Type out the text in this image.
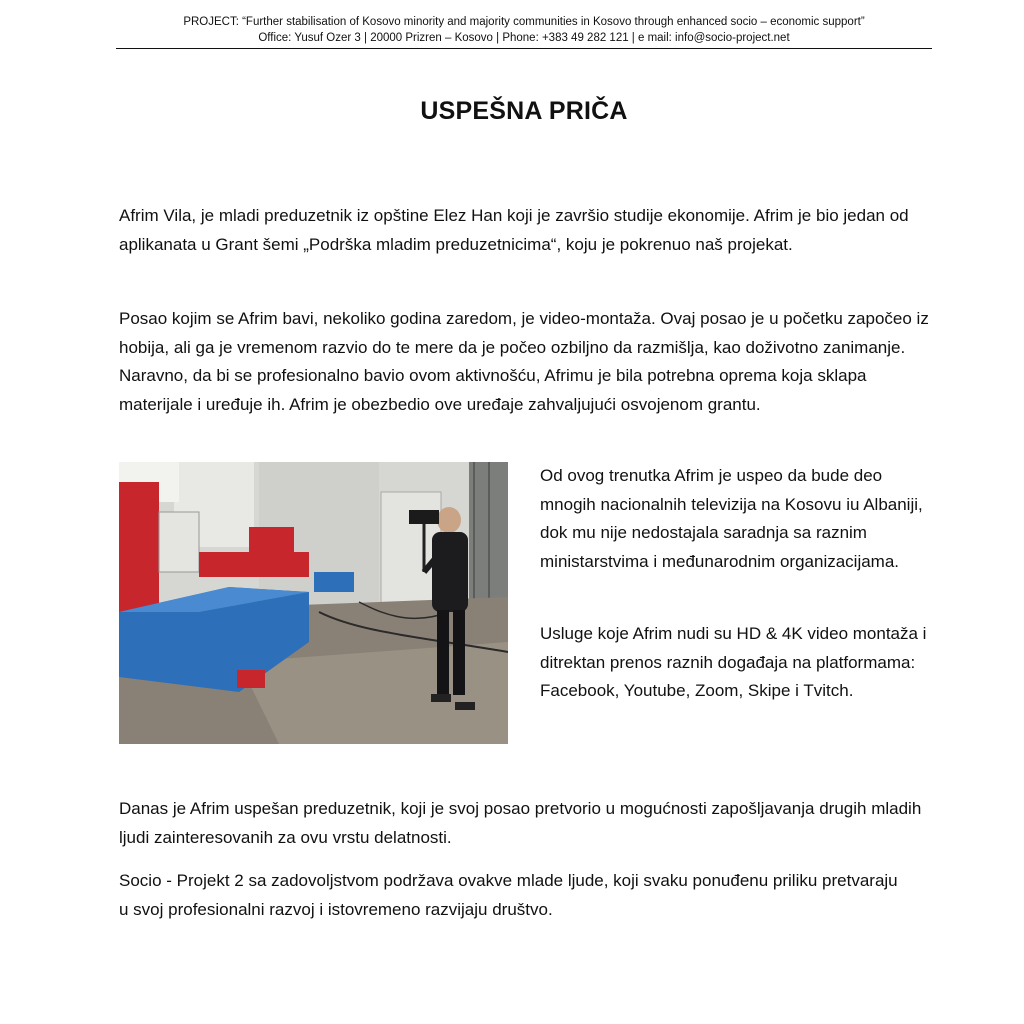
PROJECT: “Further stabilisation of Kosovo minority and majority communities in Kosovo through enhanced socio – economic support”
Office: Yusuf Ozer 3 | 20000 Prizren – Kosovo | Phone: +383 49 282 121 | e mail: info@socio-project.net
USPEŠNA PRIČA

Afrim Vila, je mladi preduzetnik iz opštine Elez Han koji je završio studije ekonomije. Afrim je bio jedan od aplikanata u Grant šemi „Podrška mladim preduzetnicima“, koju je pokrenuo naš projekat.

Posao kojim se Afrim bavi, nekoliko godina zaredom, je video-montaža. Ovaj posao je u početku započeo iz hobija, ali ga je vremenom razvio do te mere da je počeo ozbiljno da razmišlja, kao doživotno zanimanje. Naravno, da bi se profesionalno bavio ovom aktivnošću, Afrimu je bila potrebna oprema koja sklapa materijale i uređuje ih. Afrim je obezbedio ove uređaje zahvaljujući osvojenom grantu.

Od ovog trenutka Afrim je uspeo da bude deo mnogih nacionalnih televizija na Kosovu iu Albaniji, dok mu nije nedostajala saradnja sa raznim ministarstvima i međunarodnim organizacijama.

Usluge koje Afrim nudi su HD & 4K video montaža i ditrektan prenos raznih događaja na platformama: Facebook, Youtube, Zoom, Skipe i Tvitch.

Danas je Afrim uspešan preduzetnik, koji je svoj posao pretvorio u mogućnosti zapošljavanja drugih mladih ljudi zainteresovanih za ovu vrstu delatnosti.

Socio - Projekt 2 sa zadovoljstvom podržava ovakve mlade ljude, koji svaku ponuđenu priliku pretvaraju u svoj profesionalni razvoj i istovremeno razvijaju društvo.
